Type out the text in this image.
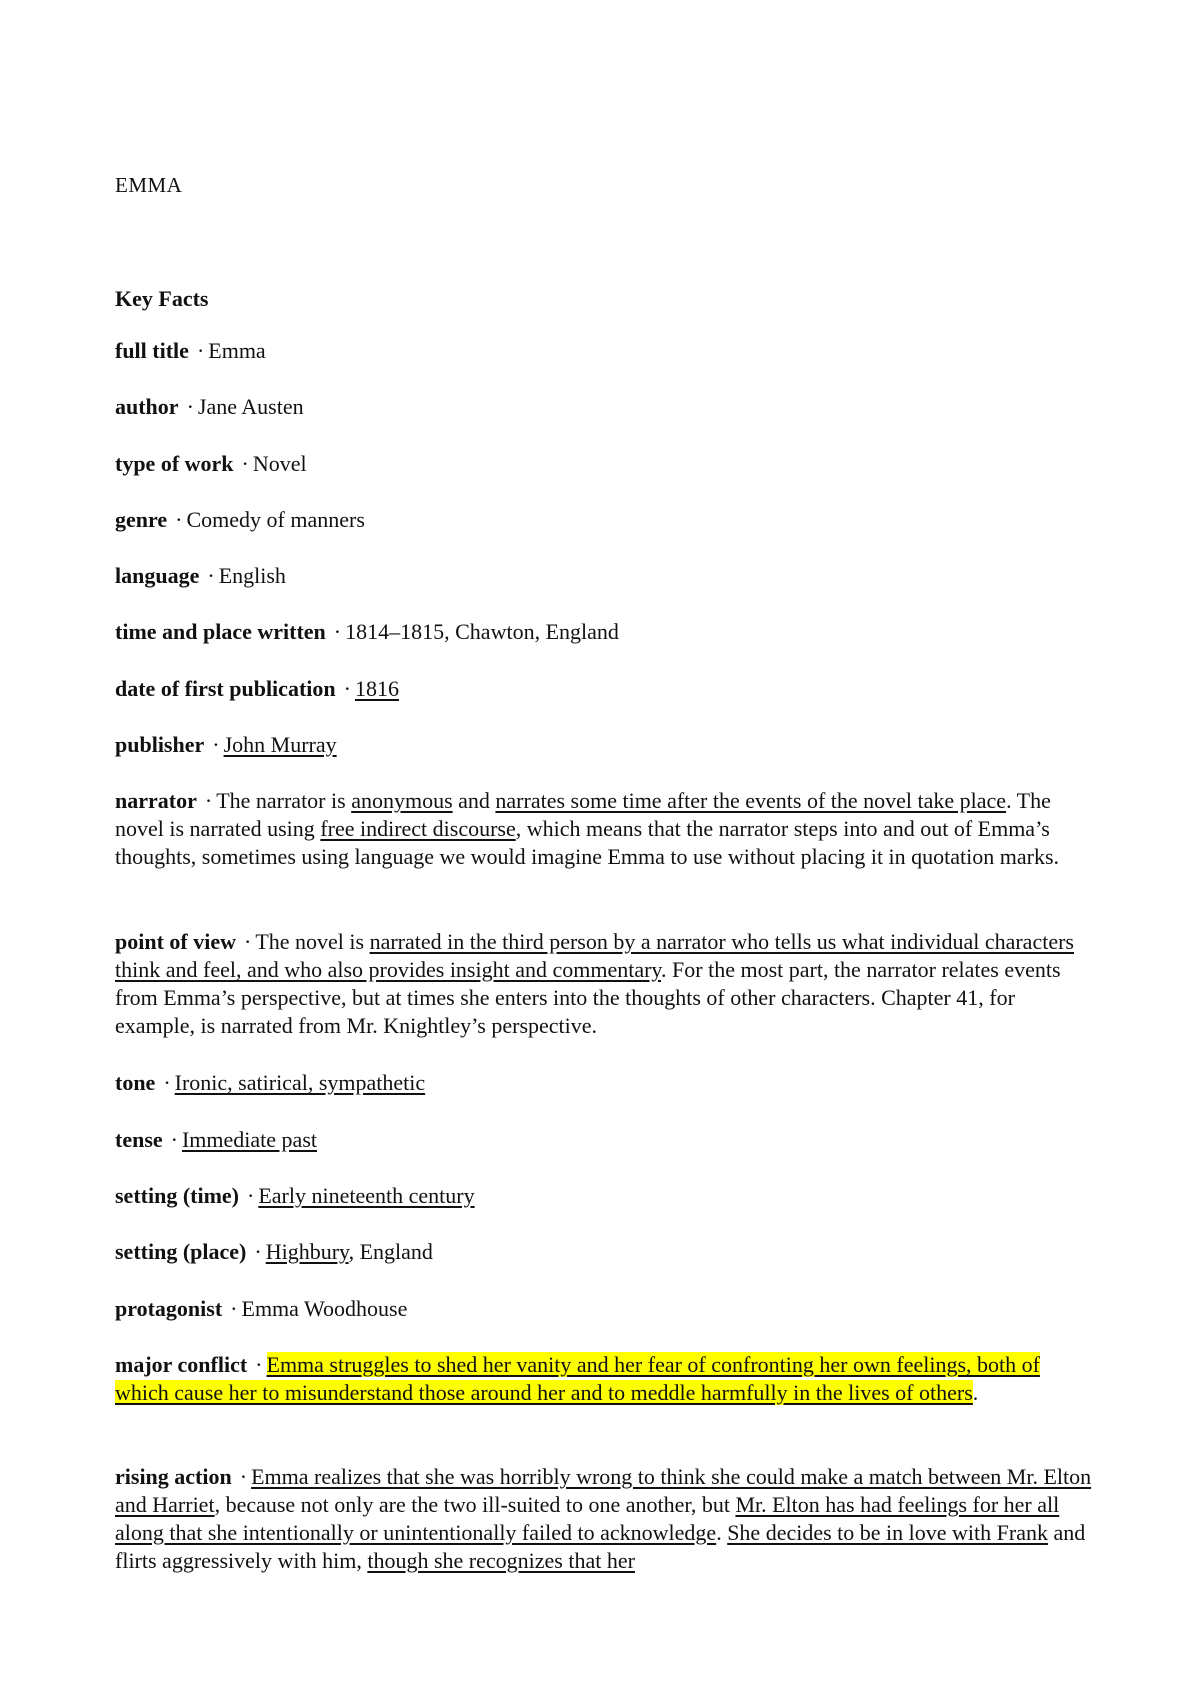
EMMA
Key Facts

full title · Emma

author · Jane Austen

type of work · Novel

genre · Comedy of manners

language · English

time and place written · 1814–1815, Chawton, England

date of first publication · 1816

publisher · John Murray

narrator · The narrator is anonymous and narrates some time after the events of the novel take place. The novel is narrated using free indirect discourse, which means that the narrator steps into and out of Emma’s thoughts, sometimes using language we would imagine Emma to use without placing it in quotation marks.

point of view · The novel is narrated in the third person by a narrator who tells us what individual characters think and feel, and who also provides insight and commentary. For the most part, the narrator relates events from Emma’s perspective, but at times she enters into the thoughts of other characters. Chapter 41, for example, is narrated from Mr. Knightley’s perspective.

tone · Ironic, satirical, sympathetic

tense · Immediate past

setting (time) · Early nineteenth century

setting (place) · Highbury, England

protagonist · Emma Woodhouse

major conflict · Emma struggles to shed her vanity and her fear of confronting her own feelings, both of which cause her to misunderstand those around her and to meddle harmfully in the lives of others.

rising action · Emma realizes that she was horribly wrong to think she could make a match between Mr. Elton and Harriet, because not only are the two ill-suited to one another, but Mr. Elton has had feelings for her all along that she intentionally or unintentionally failed to acknowledge. She decides to be in love with Frank and flirts aggressively with him, though she recognizes that her
